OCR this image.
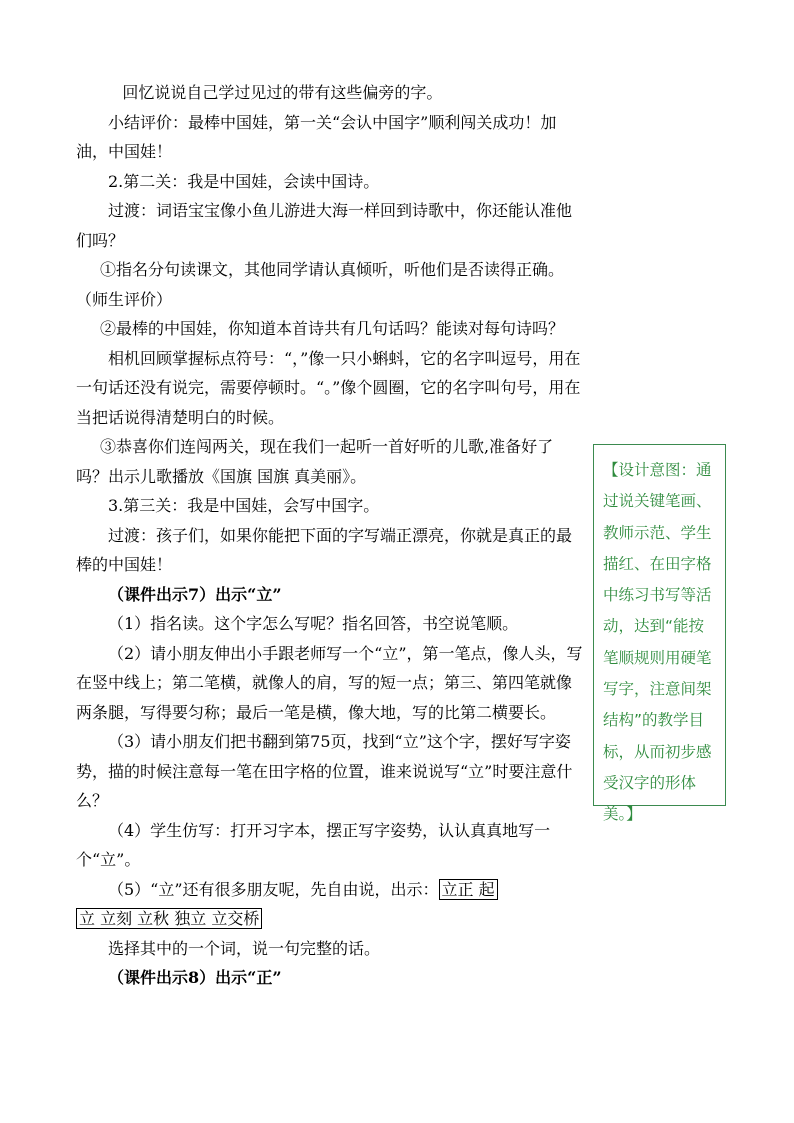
回忆说说自己学过见过的带有这些偏旁的字。

小结评价：最棒中国娃，第一关“会认中国字”顺利闯关成功！加油，中国娃！

2.第二关：我是中国娃，会读中国诗。

过渡：词语宝宝像小鱼儿游进大海一样回到诗歌中，你还能认准他们吗？

①指名分句读课文，其他同学请认真倾听，听他们是否读得正确。（师生评价）

②最棒的中国娃，你知道本首诗共有几句话吗？能读对每句诗吗？

相机回顾掌握标点符号：“，”像一只小蝌蚪，它的名字叫逗号，用在一句话还没有说完，需要停顿时。“。”像个圆圈，它的名字叫句号，用在当把话说得清楚明白的时候。

③恭喜你们连闯两关，现在我们一起听一首好听的儿歌,准备好了吗？出示儿歌播放《国旗 国旗 真美丽》。

3.第三关：我是中国娃，会写中国字。

过渡：孩子们，如果你能把下面的字写端正漂亮，你就是真正的最棒的中国娃！

（课件出示7）出示“立”

（1）指名读。这个字怎么写呢？指名回答，书空说笔顺。

（2）请小朋友伸出小手跟老师写一个“立”，第一笔点，像人头，写在竖中线上；第二笔横，就像人的肩，写的短一点；第三、第四笔就像两条腿，写得要匀称；最后一笔是横，像大地，写的比第二横要长。

（3）请小朋友们把书翻到第75页，找到“立”这个字，摆好写字姿势，描的时候注意每一笔在田字格的位置，谁来说说写“立”时要注意什么？

（4）学生仿写：打开习字本，摆正写字姿势，认认真真地写一个“立”。

（5）“立”还有很多朋友呢，先自由说，出示： 立正 起

立 立刻 立秋 独立 立交桥

选择其中的一个词，说一句完整的话。

（课件出示8）出示“正”

【设计意图：通过说关键笔画、教师示范、学生描红、在田字格中练习书写等活动，达到“能按笔顺规则用硬笔写字，注意间架结构”的教学目标，从而初步感受汉字的形体美。】
